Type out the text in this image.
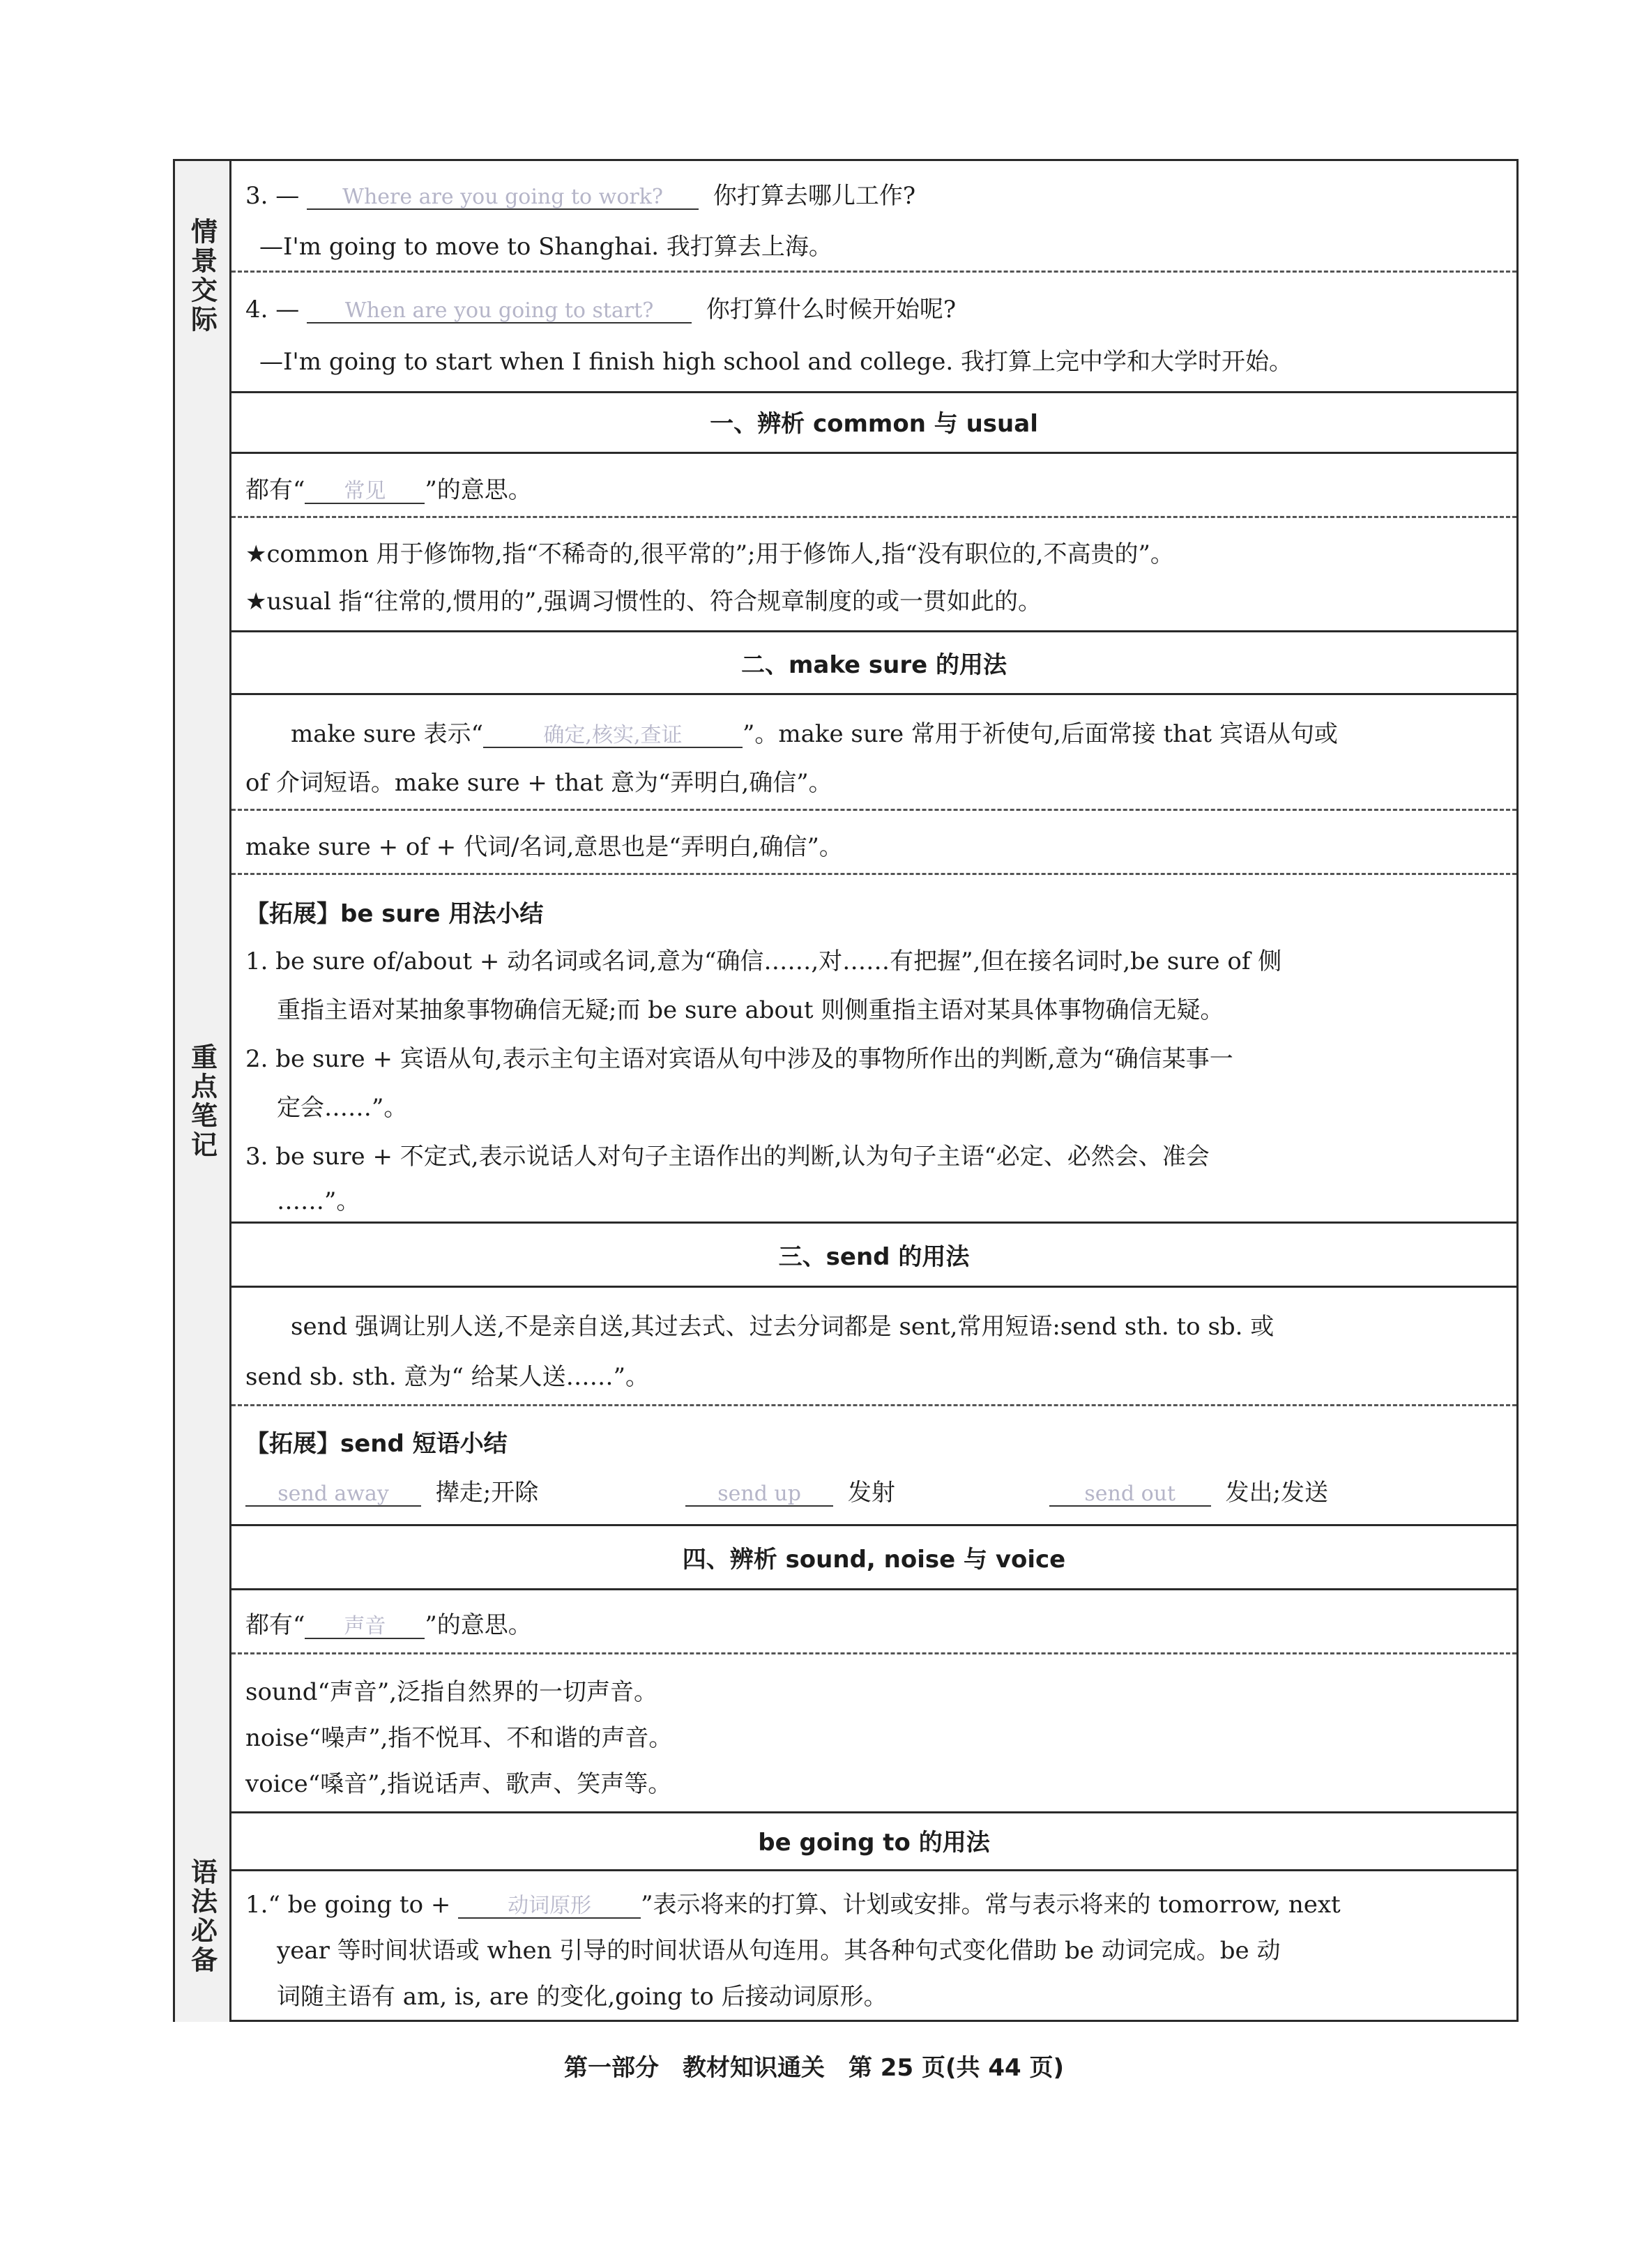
情景交际
3. — Where are you going to work? 你打算去哪儿工作?
—I'm going to move to Shanghai. 我打算去上海。
4. — When are you going to start? 你打算什么时候开始呢?
—I'm going to start when I finish high school and college. 我打算上完中学和大学时开始。
重点笔记
一、辨析 common 与 usual
都有“ 常见 ”的意思。
★common 用于修饰物,指“不稀奇的,很平常的”;用于修饰人,指“没有职位的,不高贵的”。
★usual 指“往常的,惯用的”,强调习惯性的、符合规章制度的或一贯如此的。
二、make sure 的用法
make sure 表示“	确定,核实,查证	”。make sure 常用于祈使句,后面常接 that 宾语从句或
of 介词短语。make sure + that 意为“弄明白,确信”。
make sure + of + 代词/名词,意思也是“弄明白,确信”。
【拓展】be sure 用法小结
1. be sure of/about + 动名词或名词,意为“确信……,对……有把握”,但在接名词时,be sure of 侧
重指主语对某抽象事物确信无疑;而 be sure about 则侧重指主语对某具体事物确信无疑。
2. be sure + 宾语从句,表示主句主语对宾语从句中涉及的事物所作出的判断,意为“确信某事一
定会……”。
3. be sure + 不定式,表示说话人对句子主语作出的判断,认为句子主语“必定、必然会、准会
……”。
三、send 的用法
send 强调让别人送,不是亲自送,其过去式、过去分词都是 sent,常用短语:send sth. to sb. 或
send sb. sth. 意为“ 给某人送……”。
【拓展】send 短语小结
send away 撵走;开除	send up 发射	send out 发出;发送
四、辨析 sound, noise 与 voice
都有“ 声音 ”的意思。
sound“声音”,泛指自然界的一切声音。
noise“噪声”,指不悦耳、不和谐的声音。
voice“嗓音”,指说话声、歌声、笑声等。
语法必备
be going to 的用法
1.“ be going to +	动词原形 ”表示将来的打算、计划或安排。常与表示将来的 tomorrow, next
year 等时间状语或 when 引导的时间状语从句连用。其各种句式变化借助 be 动词完成。be 动
词随主语有 am, is, are 的变化,going to 后接动词原形。
第一部分　教材知识通关　第 25 页(共 44 页)
